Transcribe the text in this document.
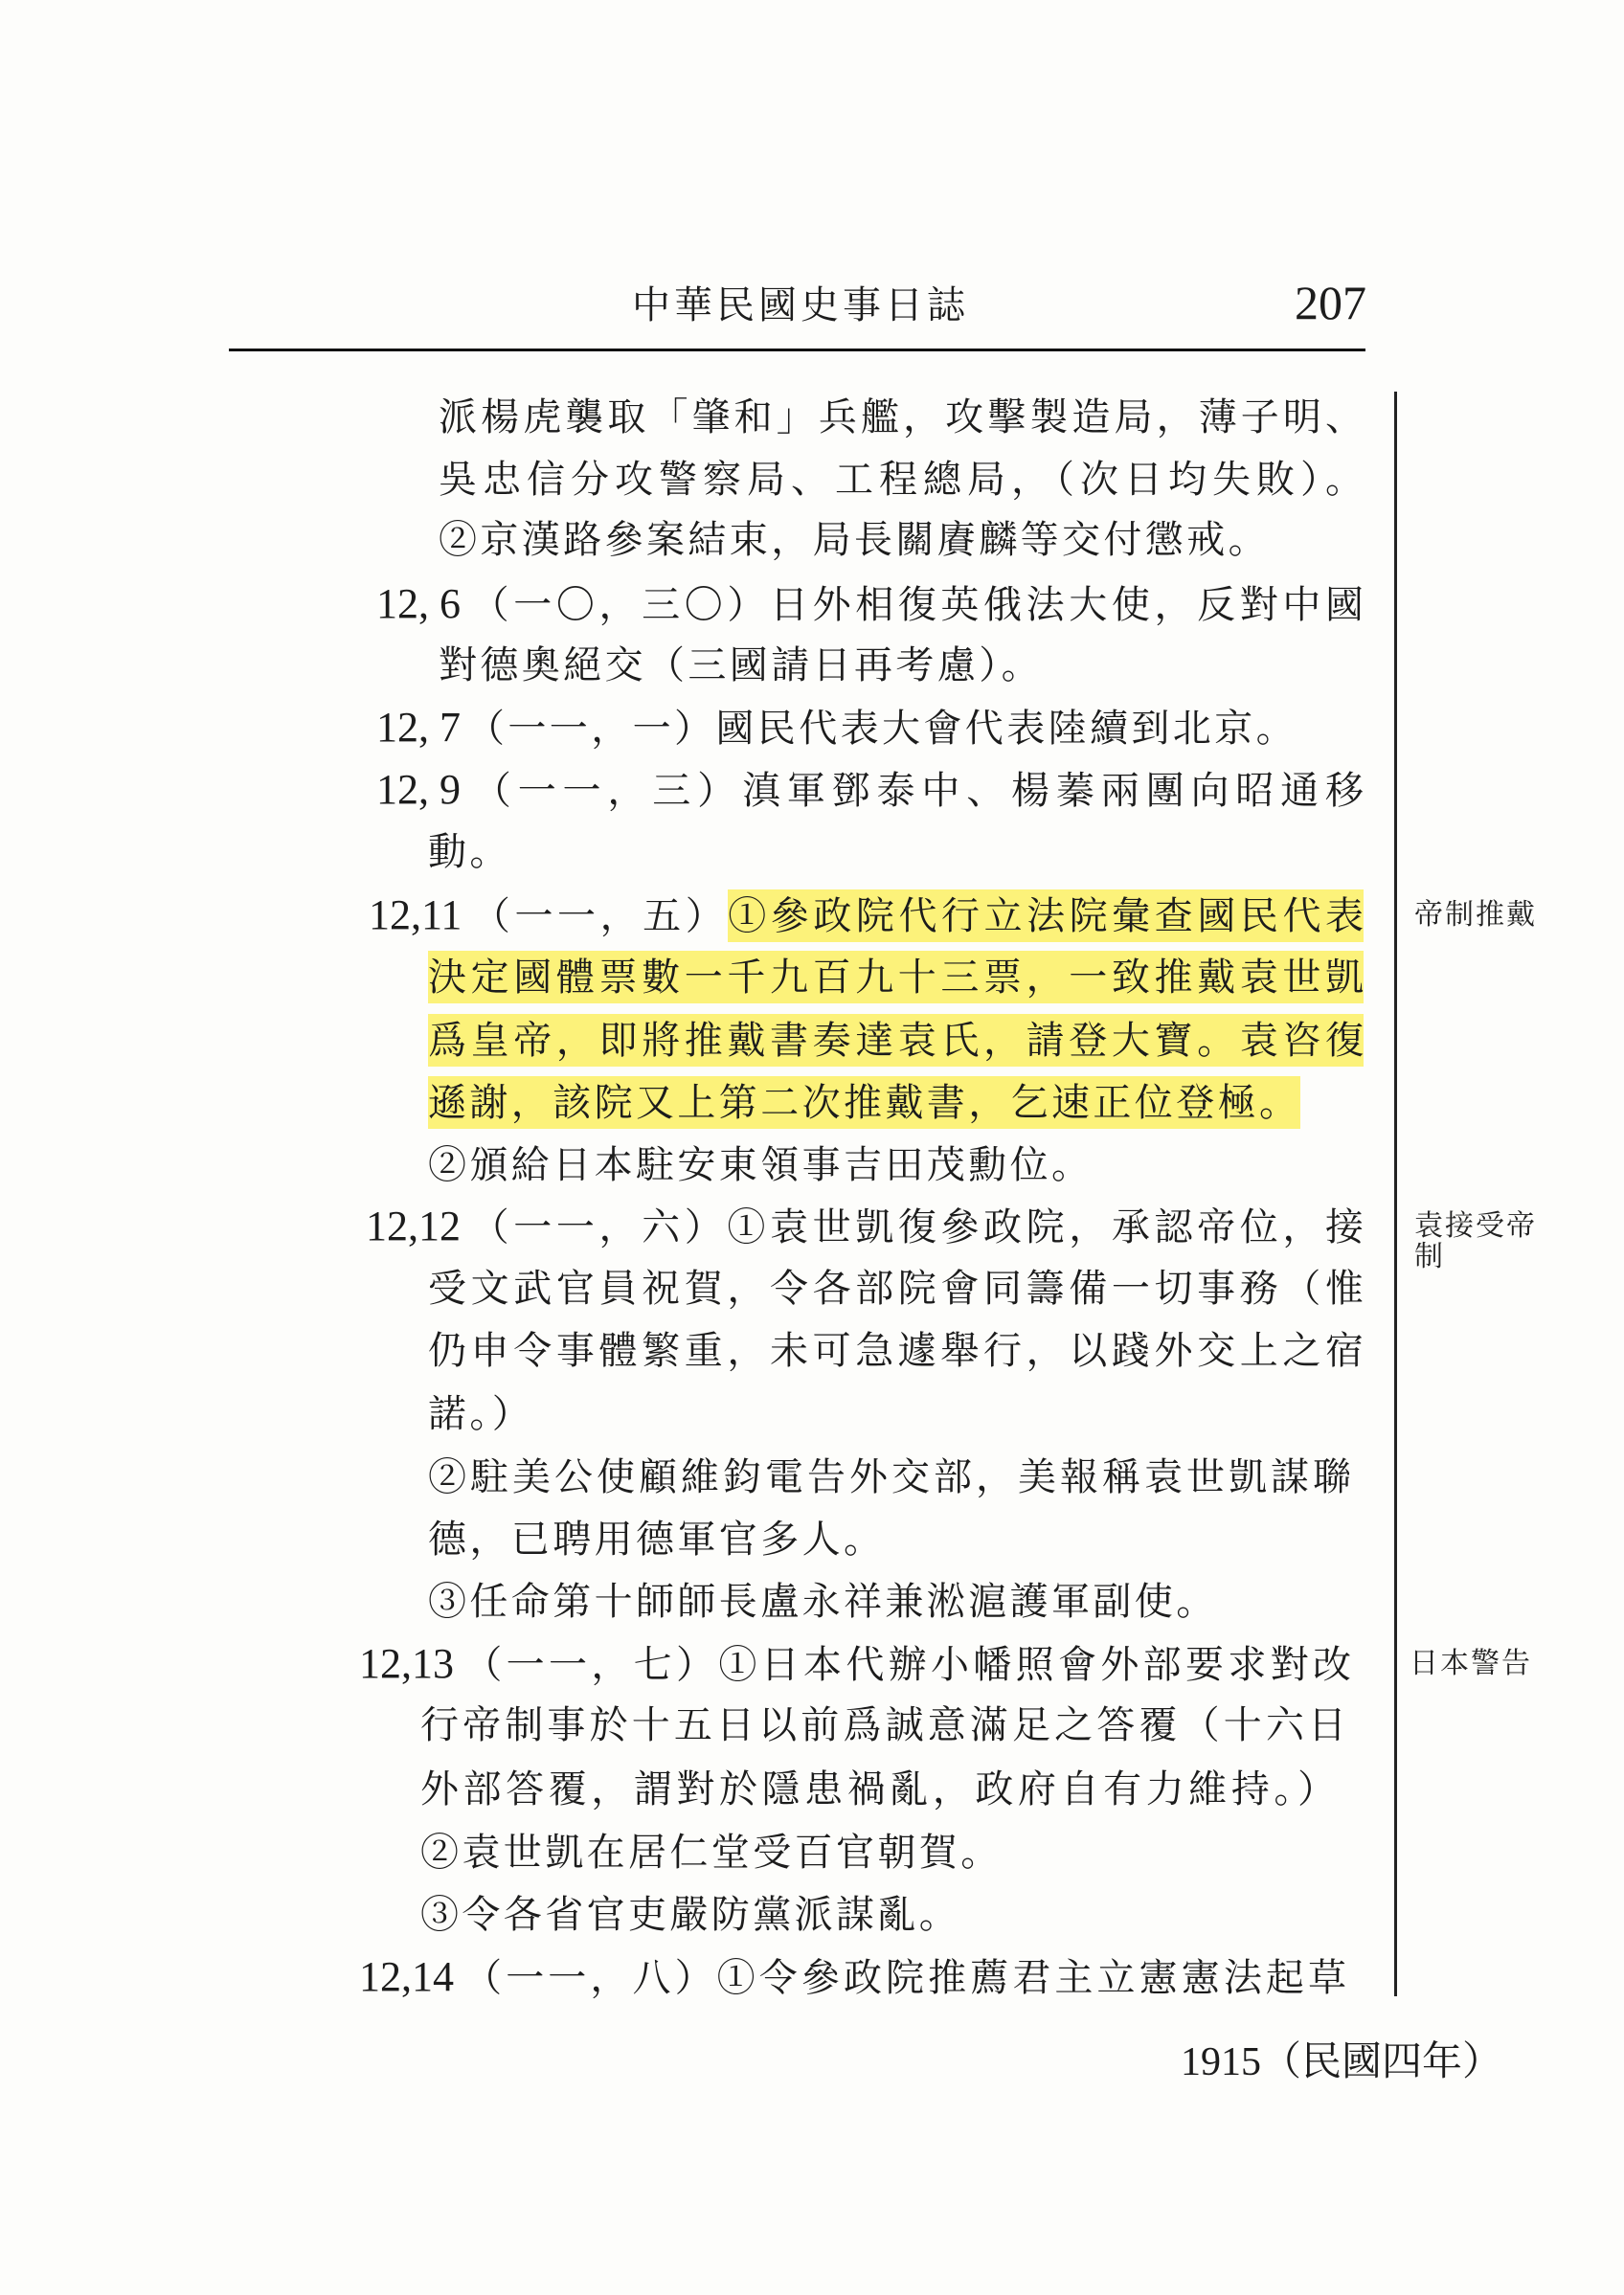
中華民國史事日誌	207
派楊虎襲取「肇和」兵艦，攻擊製造局，薄子明、
吳忠信分攻警察局、工程總局，（次日均失敗）。
②京漢路參案結束，局長關賡麟等交付懲戒。
12, 6 （一〇，三〇）日外相復英俄法大使，反對中國
對德奧絕交（三國請日再考慮）。
12, 7 （一一，一）國民代表大會代表陸續到北京。
12, 9 （一一，三）滇軍鄧泰中、楊蓁兩團向昭通移
動。
12,11 （一一，五）①參政院代行立法院彙查國民代表
決定國體票數一千九百九十三票，一致推戴袁世凱
爲皇帝，即將推戴書奏達袁氏，請登大寶。袁咨復
遜謝，該院又上第二次推戴書，乞速正位登極。
②頒給日本駐安東領事吉田茂勳位。
12,12 （一一，六）①袁世凱復參政院，承認帝位，接
受文武官員祝賀，令各部院會同籌備一切事務（惟
仍申令事體繁重，未可急遽舉行，以踐外交上之宿
諾。）
②駐美公使顧維鈞電告外交部，美報稱袁世凱謀聯
德，已聘用德軍官多人。
③任命第十師師長盧永祥兼淞滬護軍副使。
12,13 （一一，七）①日本代辦小幡照會外部要求對改
行帝制事於十五日以前爲誠意滿足之答覆（十六日
外部答覆，謂對於隱患禍亂，政府自有力維持。）
②袁世凱在居仁堂受百官朝賀。
③令各省官吏嚴防黨派謀亂。
12,14 （一一，八）①令參政院推薦君主立憲憲法起草
帝制推戴
袁接受帝制
日本警告
1915（民國四年）
